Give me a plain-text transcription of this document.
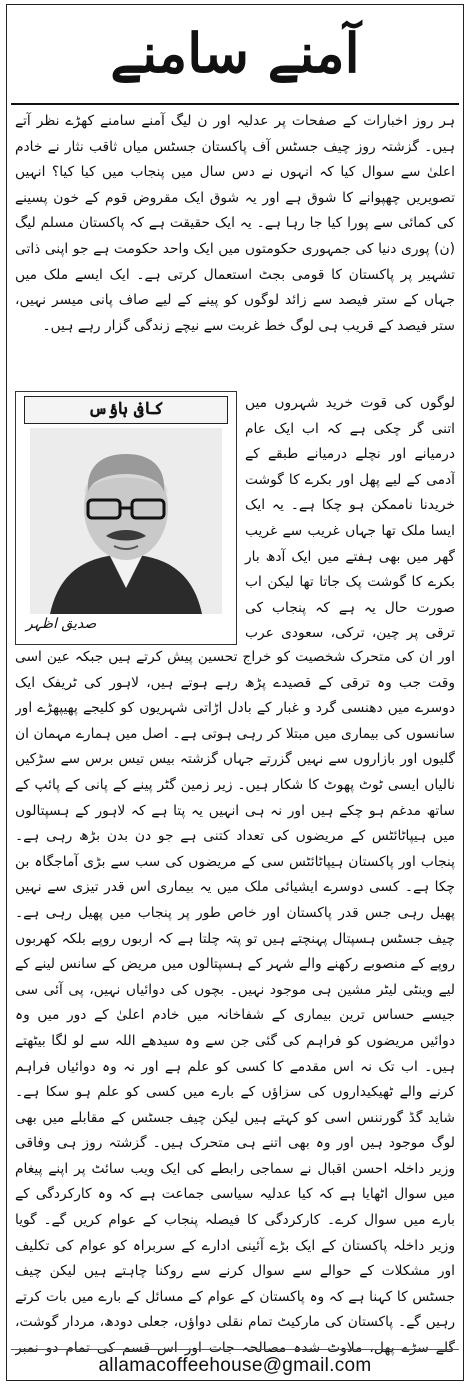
آمنے سامنے

ہر روز اخبارات کے صفحات پر عدلیہ اور ن لیگ آمنے سامنے کھڑے نظر آتے ہیں۔ گزشتہ روز چیف جسٹس آف پاکستان جسٹس میاں ثاقب نثار نے خادم اعلیٰ سے سوال کیا کہ انہوں نے دس سال میں پنجاب میں کیا کیا؟ انہیں تصویریں چھپوانے کا شوق ہے اور یہ شوق ایک مقروض قوم کے خون پسینے کی کمائی سے پورا کیا جا رہا ہے۔ یہ ایک حقیقت ہے کہ پاکستان مسلم لیگ (ن) پوری دنیا کی جمہوری حکومتوں میں ایک واحد حکومت ہے جو اپنی ذاتی تشہیر پر پاکستان کا قومی بجٹ استعمال کرتی ہے۔ ایک ایسے ملک میں جہاں کے ستر فیصد سے زائد لوگوں کو پینے کے لیے صاف پانی میسر نہیں، ستر فیصد کے قریب ہی لوگ خط غربت سے نیچے زندگی گزار رہے ہیں۔

لوگوں کی قوت خرید شہروں میں اتنی گر چکی ہے کہ اب ایک عام درمیانے اور نچلے درمیانے طبقے کے آدمی کے لیے پھل اور بکرے کا گوشت خریدنا ناممکن ہو چکا ہے۔ یہ ایک ایسا ملک تھا جہاں غریب سے غریب گھر میں بھی ہفتے میں ایک آدھ بار بکرے کا گوشت پک جاتا تھا لیکن اب صورت حال یہ ہے کہ پنجاب کی ترقی پر چین، ترکی، سعودی عرب

کافی ہاؤس
صدیق اظہر

اور ان کی متحرک شخصیت کو خراج تحسین پیش کرتے ہیں جبکہ عین اسی وقت جب وہ ترقی کے قصیدے پڑھ رہے ہوتے ہیں، لاہور کی ٹریفک ایک دوسرے میں دھنسی گرد و غبار کے بادل اڑاتی شہریوں کو کلیجے پھیپھڑے اور سانسوں کی بیماری میں مبتلا کر رہی ہوتی ہے۔ اصل میں ہمارے مہمان ان گلیوں اور بازاروں سے نہیں گزرتے جہاں گزشتہ بیس تیس برس سے سڑکیں نالیاں ایسی ٹوٹ پھوٹ کا شکار ہیں۔ زیر زمین گٹر پینے کے پانی کے پائپ کے ساتھ مدغم ہو چکے ہیں اور نہ ہی انہیں یہ پتا ہے کہ لاہور کے ہسپتالوں میں ہیپاٹائٹس کے مریضوں کی تعداد کتنی ہے جو دن بدن بڑھ رہی ہے۔ پنجاب اور پاکستان ہیپاٹائٹس سی کے مریضوں کی سب سے بڑی آماجگاہ بن چکا ہے۔ کسی دوسرے ایشیائی ملک میں یہ بیماری اس قدر تیزی سے نہیں پھیل رہی جس قدر پاکستان اور خاص طور پر پنجاب میں پھیل رہی ہے۔ چیف جسٹس ہسپتال پہنچتے ہیں تو پتہ چلتا ہے کہ اربوں روپے بلکہ کھربوں روپے کے منصوبے رکھنے والے شہر کے ہسپتالوں میں مریض کے سانس لینے کے لیے وینٹی لیٹر مشین ہی موجود نہیں۔ بچوں کی دوائیاں نہیں، پی آئی سی جیسے حساس ترین بیماری کے شفاخانہ میں خادم اعلیٰ کے دور میں وہ دوائیں مریضوں کو فراہم کی گئی جن سے وہ سیدھے اللہ سے لو لگا بیٹھتے ہیں۔ اب تک نہ اس مقدمے کا کسی کو علم ہے اور نہ وہ دوائیاں فراہم کرنے والے ٹھیکیداروں کی سزاؤں کے بارے میں کسی کو علم ہو سکا ہے۔ شاید گڈ گورننس اسی کو کہتے ہیں لیکن چیف جسٹس کے مقابلے میں بھی لوگ موجود ہیں اور وہ بھی اتنے ہی متحرک ہیں۔ گزشتہ روز ہی وفاقی وزیر داخلہ احسن اقبال نے سماجی رابطے کی ایک ویب سائٹ پر اپنے پیغام میں سوال اٹھایا ہے کہ کیا عدلیہ سیاسی جماعت ہے کہ وہ کارکردگی کے بارے میں سوال کرے۔ کارکردگی کا فیصلہ پنجاب کے عوام کریں گے۔ گویا وزیر داخلہ پاکستان کے ایک بڑے آئینی ادارے کے سربراہ کو عوام کی تکلیف اور مشکلات کے حوالے سے سوال کرنے سے روکنا چاہتے ہیں لیکن چیف جسٹس کا کہنا ہے کہ وہ پاکستان کے عوام کے مسائل کے بارے میں بات کرتے رہیں گے۔ پاکستان کی مارکیٹ تمام نقلی دواؤں، جعلی دودھ، مردار گوشت، گلے سڑے پھل، ملاوٹ شدہ مصالحہ جات اور اس قسم کی تمام دو نمبر

allamacoffeehouse@gmail.com
